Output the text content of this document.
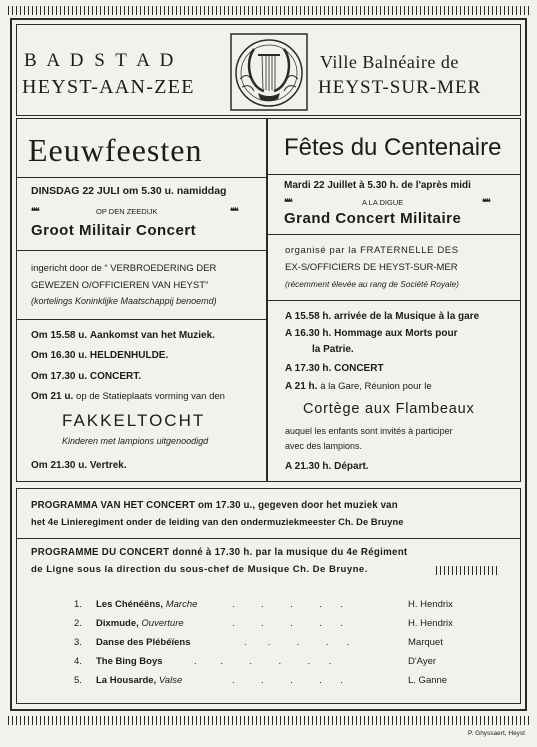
B A D S T A D
HEYST-AAN-ZEE
Ville Balnéaire de
HEYST-SUR-MER
Eeuwfeesten
DINSDAG 22 JULI om 5.30 u. namiddag
❛❛❛❛	OP DEN ZEEDIJK	❛❛❛❛
Groot Militair Concert
ingericht door de “ VERBROEDERING DER
GEWEZEN O/OFFICIEREN VAN HEYST”
(kortelings Koninklijke Maatschappij benoemd)
Om 15.58 u. Aankomst van het Muziek.
Om 16.30 u. HELDENHULDE.
Om 17.30 u. CONCERT.
Om 21 u. op de Statieplaats vorming van den
FAKKELTOCHT
Kinderen met lampions uitgenoodigd
Om 21.30 u. Vertrek.
Fêtes du Centenaire
Mardi 22 Juillet à 5.30 h. de l'après midi
❛❛❛❛	A LA DIGUE	❛❛❛❛
Grand Concert Militaire
organisé par la FRATERNELLE DES
EX-S/OFFICIERS DE HEYST-SUR-MER
(récemment élevée au rang de Société Royale)
A 15.58 h. arrivée de la Musique à la gare
A 16.30 h. Hommage aux Morts pour
la Patrie.
A 17.30 h. CONCERT
A 21 h. à la Gare, Réunion pour le
Cortège aux Flambeaux
auquel les enfants sont invités à participer
avec des lampions.
A 21.30 h. Départ.
PROGRAMMA VAN HET CONCERT om 17.30 u., gegeven door het muziek van
het 4e Linieregiment onder de leiding van den ondermuziekmeester Ch. De Bruyne
PROGRAMME DU CONCERT donné à 17.30 h. par la musique du 4e Régiment
de Ligne sous la direction du sous-chef de Musique Ch. De Bruyne.
1. Les Chénéëns, Marche	.          .          .          .       .	H. Hendrix
2. Dixmude, Ouverture	.          .          .          .       .	H. Hendrix
3. Danse des Plébéïens	.        .          .          .       .	Marquet
4. The Bing Boys	.         .          .          .          .       .	D'Ayer
5. La Housarde, Valse	.          .          .          .       .	L. Ganne
P. Ghyssaert, Heyst
